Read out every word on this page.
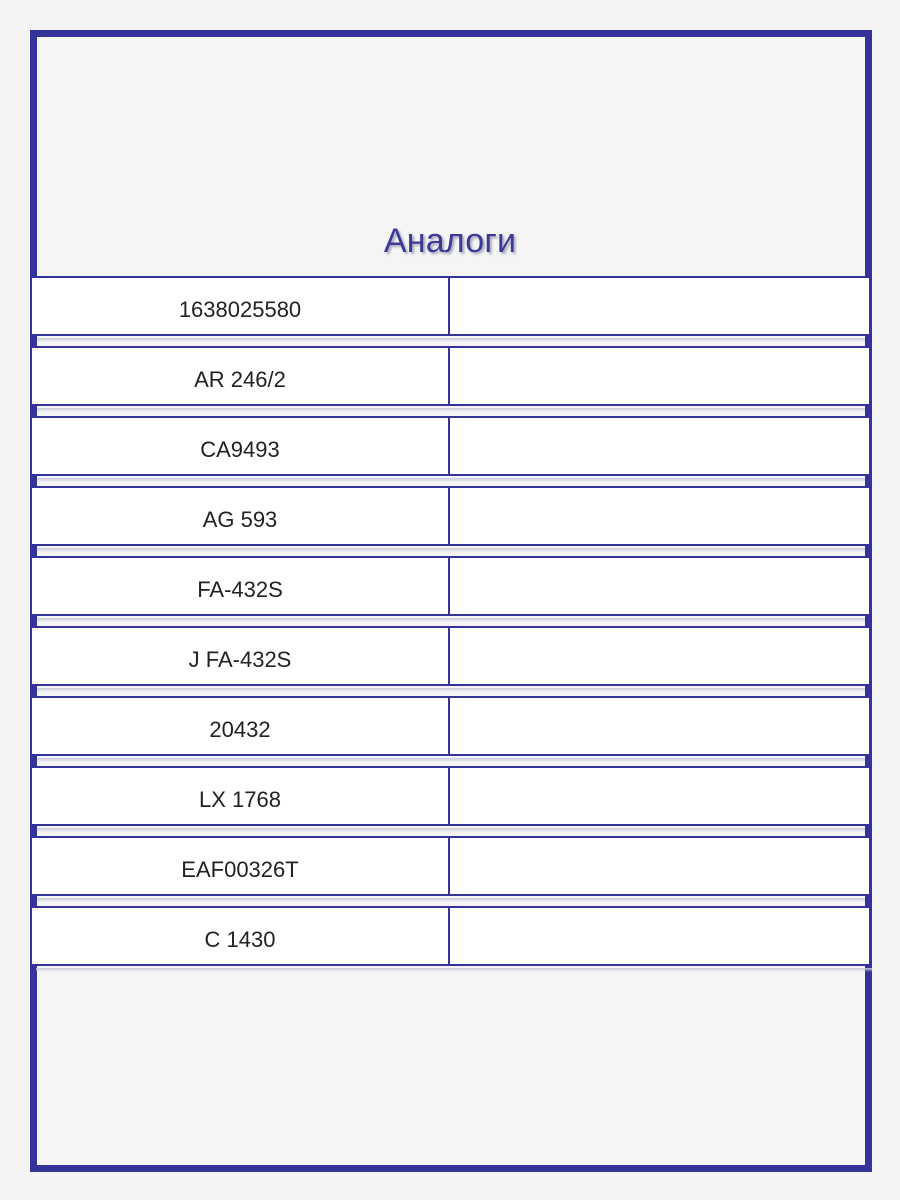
Аналоги
1638025580
AR 246/2
CA9493
AG 593
FA-432S
J FA-432S
20432
LX 1768
EAF00326T
C 1430
